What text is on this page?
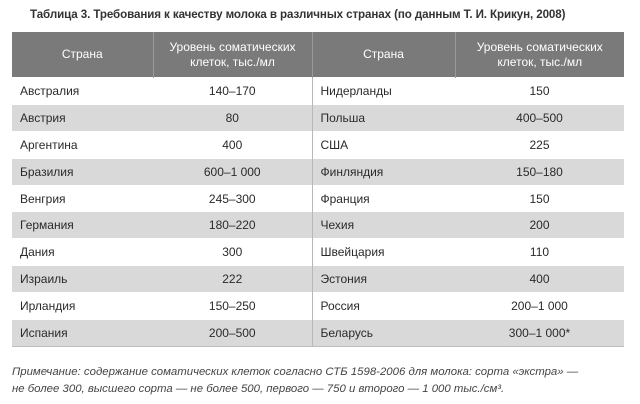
Таблица 3. Требования к качеству молока в различных странах (по данным Т. И. Крикун, 2008)
Страна	Уровень соматических клеток, тыс./мл	Страна	Уровень соматических клеток, тыс./мл
Австралия	140–170	Нидерланды	150
Австрия	80	Польша	400–500
Аргентина	400	США	225
Бразилия	600–1 000	Финляндия	150–180
Венгрия	245–300	Франция	150
Германия	180–220	Чехия	200
Дания	300	Швейцария	110
Израиль	222	Эстония	400
Ирландия	150–250	Россия	200–1 000
Испания	200–500	Беларусь	300–1 000*
Примечание: содержание соматических клеток согласно СТБ 1598-2006 для молока: сорта «экстра» —
не более 300, высшего сорта — не более 500, первого — 750 и второго — 1 000 тыс./см³.
